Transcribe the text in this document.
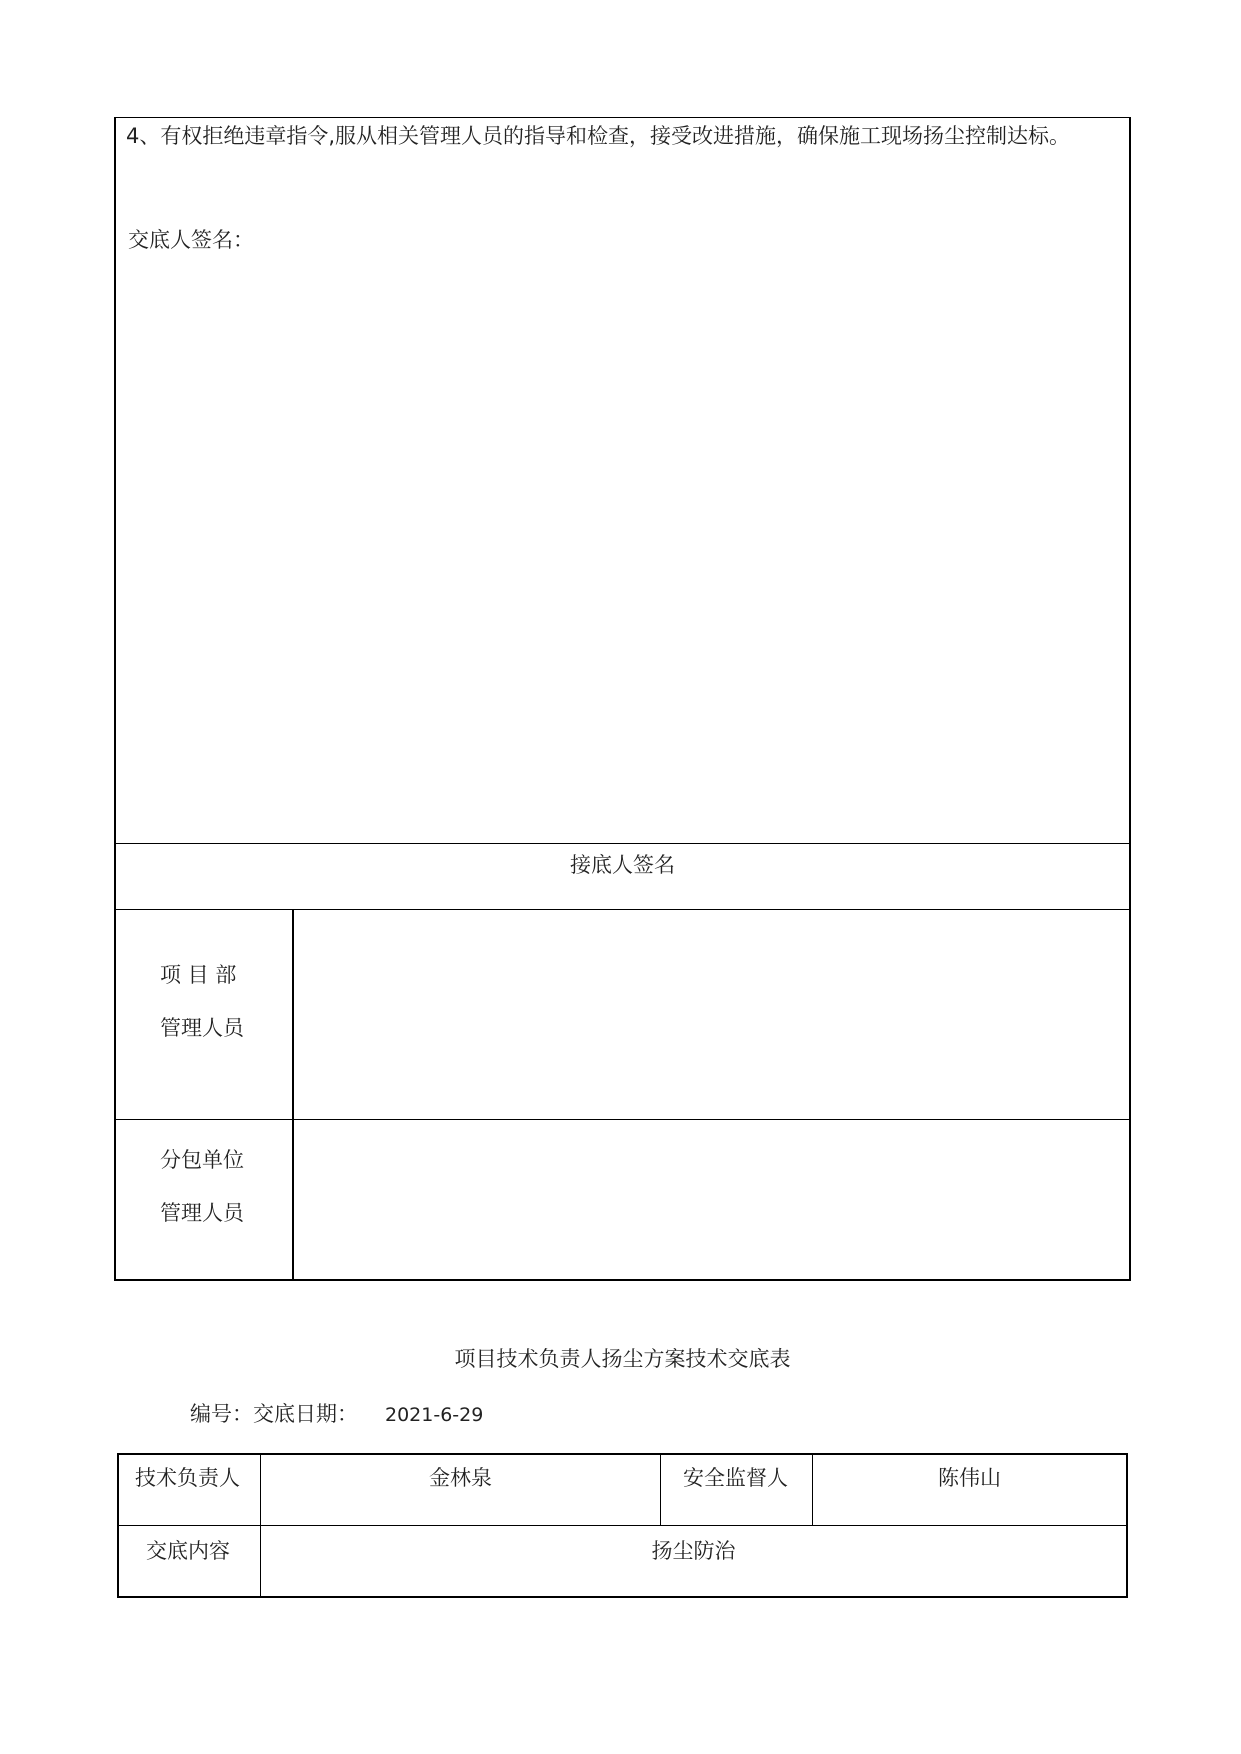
4、有权拒绝违章指令,服从相关管理人员的指导和检查，接受改进措施，确保施工现场扬尘控制达标。
交底人签名：
接底人签名
项 目 部
管理人员
分包单位
管理人员
项目技术负责人扬尘方案技术交底表
编号：交底日期： 2021-6-29
技术负责人	金林泉	安全监督人	陈伟山
交底内容	扬尘防治
